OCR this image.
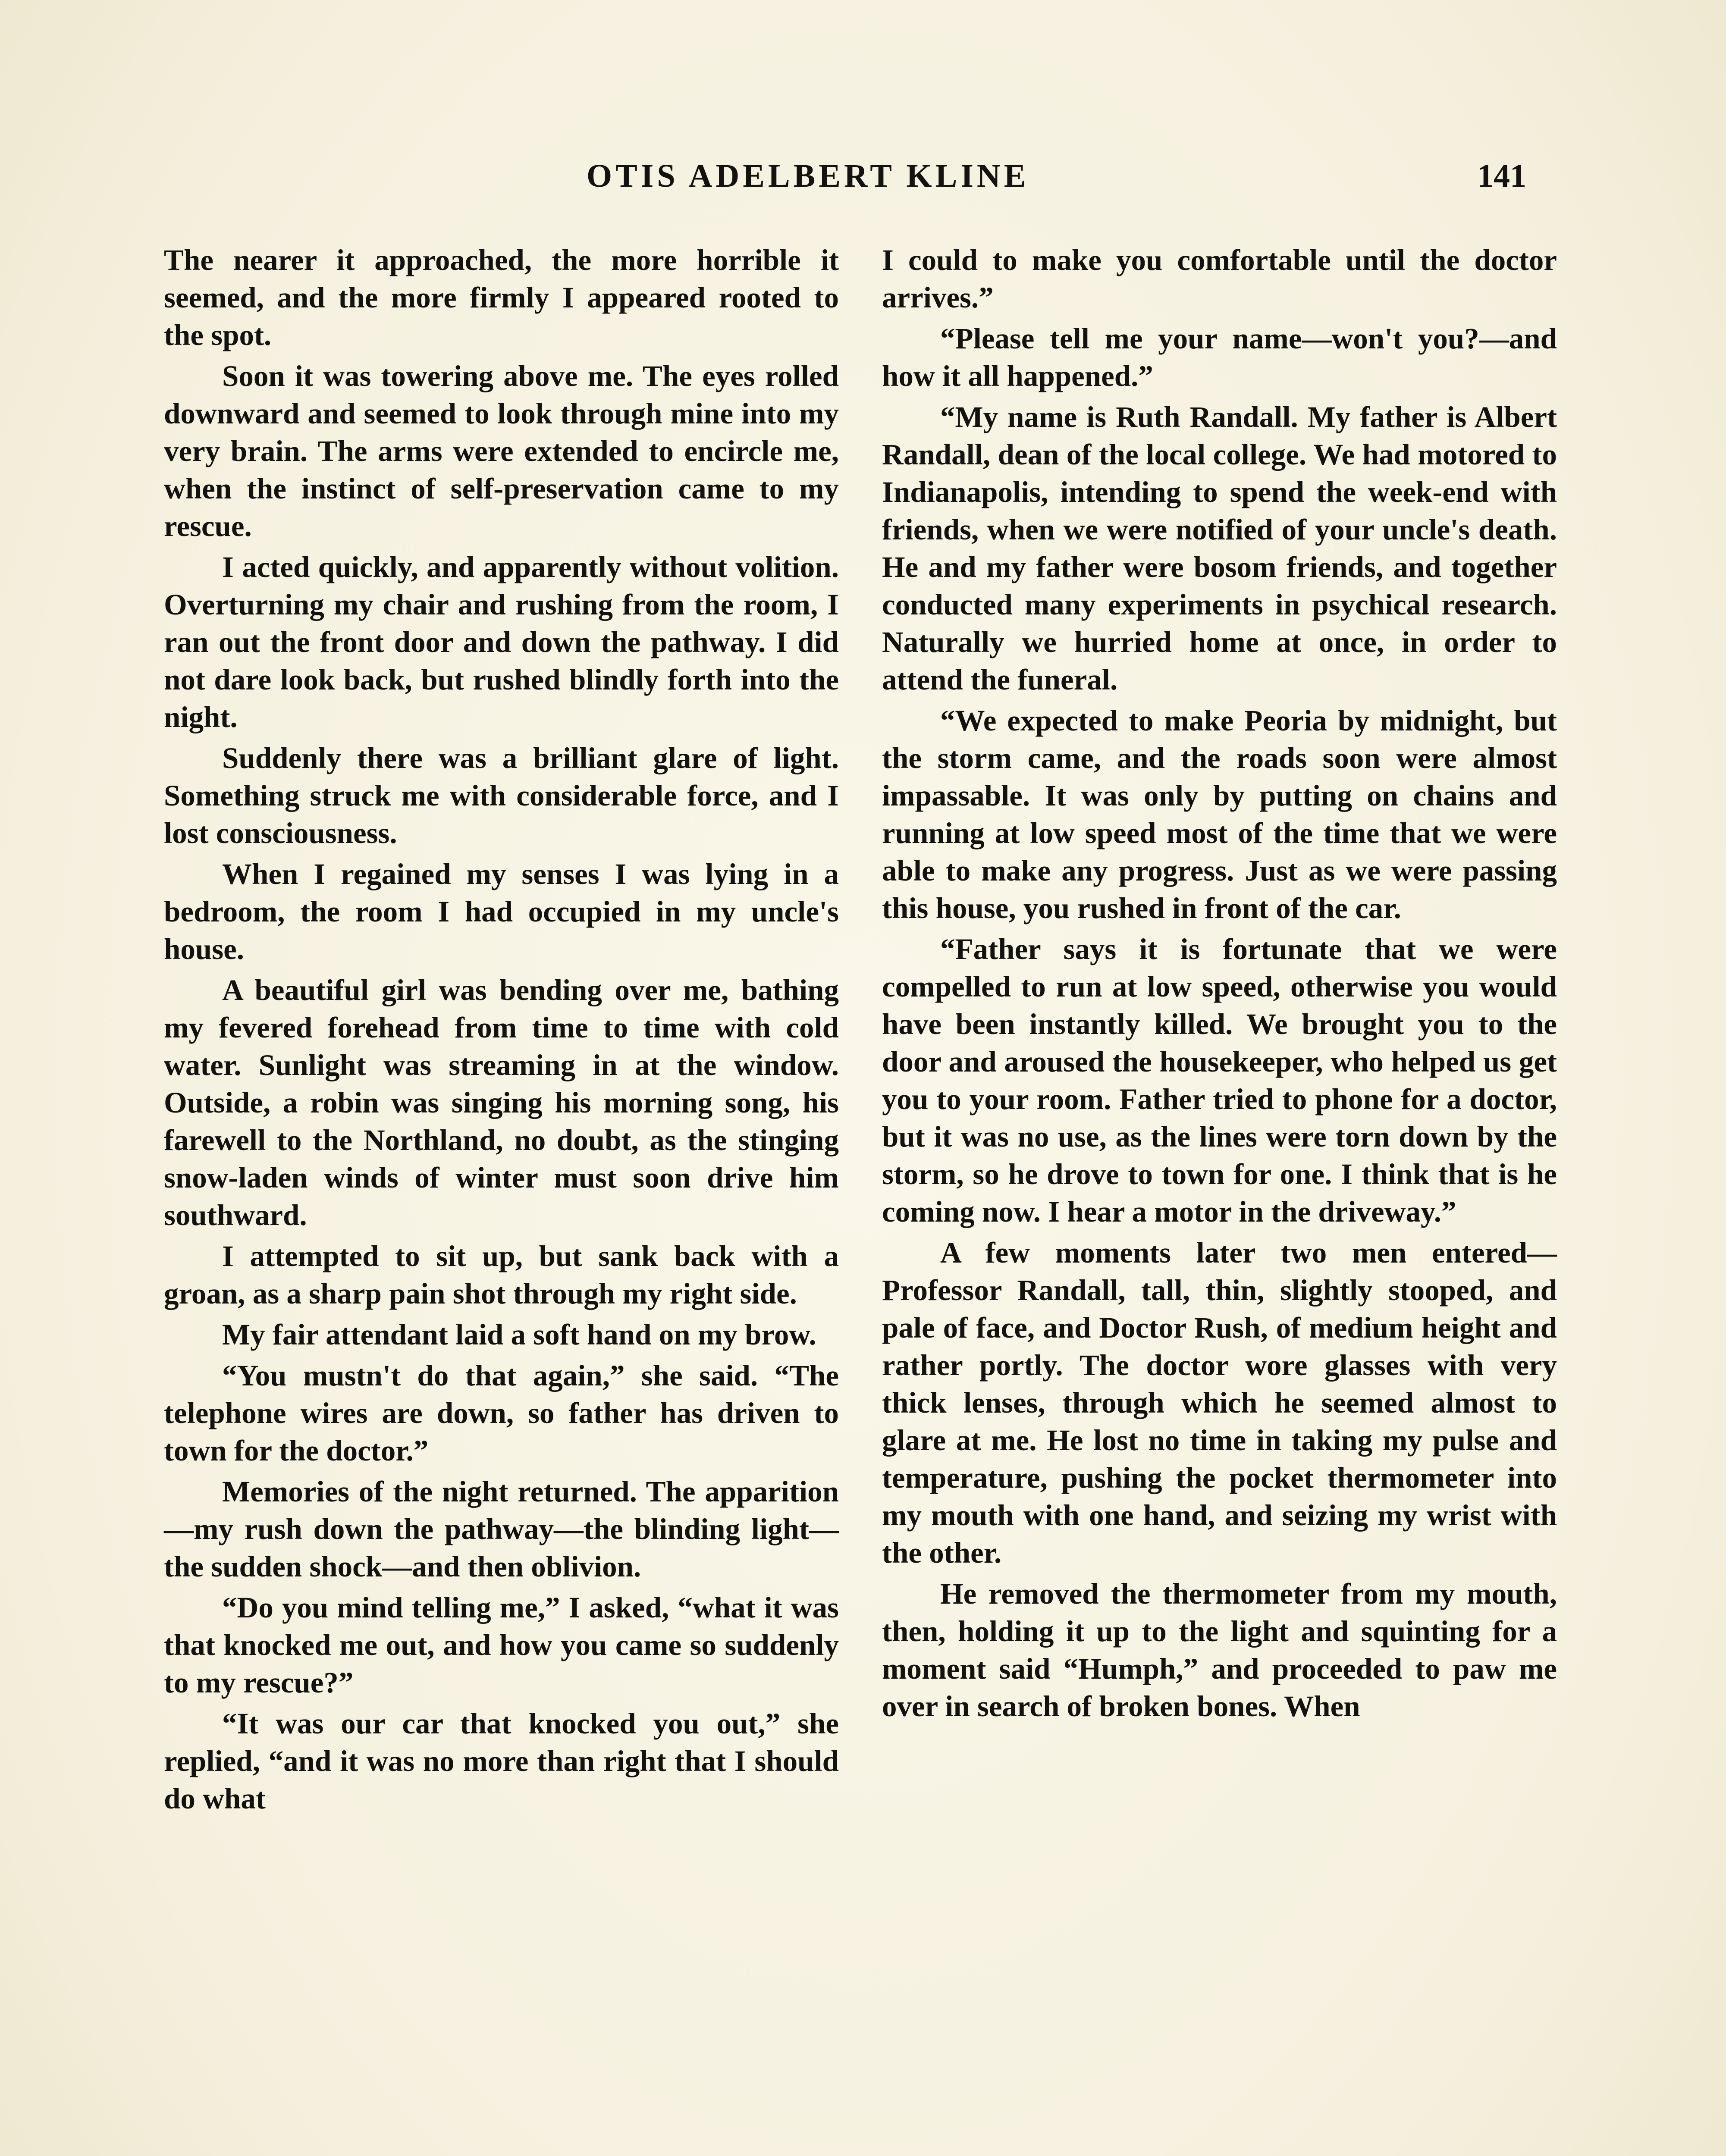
OTIS ADELBERT KLINE	141

The nearer it approached, the more horrible it seemed, and the more firmly I appeared rooted to the spot.

Soon it was towering above me. The eyes rolled downward and seemed to look through mine into my very brain. The arms were extended to encircle me, when the instinct of self-preservation came to my rescue.

I acted quickly, and apparently without volition. Overturning my chair and rushing from the room, I ran out the front door and down the pathway. I did not dare look back, but rushed blindly forth into the night.

Suddenly there was a brilliant glare of light. Something struck me with considerable force, and I lost consciousness.

When I regained my senses I was lying in a bedroom, the room I had occupied in my uncle's house.

A beautiful girl was bending over me, bathing my fevered forehead from time to time with cold water. Sunlight was streaming in at the window. Outside, a robin was singing his morning song, his farewell to the Northland, no doubt, as the stinging snow-laden winds of winter must soon drive him southward.

I attempted to sit up, but sank back with a groan, as a sharp pain shot through my right side.

My fair attendant laid a soft hand on my brow.

“You mustn't do that again,” she said. “The telephone wires are down, so father has driven to town for the doctor.”

Memories of the night returned. The apparition—my rush down the pathway—the blinding light—the sudden shock—and then oblivion.

“Do you mind telling me,” I asked, “what it was that knocked me out, and how you came so suddenly to my rescue?”

“It was our car that knocked you out,” she replied, “and it was no more than right that I should do what

I could to make you comfortable until the doctor arrives.”

“Please tell me your name—won't you?—and how it all happened.”

“My name is Ruth Randall. My father is Albert Randall, dean of the local college. We had motored to Indianapolis, intending to spend the week-end with friends, when we were notified of your uncle's death. He and my father were bosom friends, and together conducted many experiments in psychical research. Naturally we hurried home at once, in order to attend the funeral.

“We expected to make Peoria by midnight, but the storm came, and the roads soon were almost impassable. It was only by putting on chains and running at low speed most of the time that we were able to make any progress. Just as we were passing this house, you rushed in front of the car.

“Father says it is fortunate that we were compelled to run at low speed, otherwise you would have been instantly killed. We brought you to the door and aroused the housekeeper, who helped us get you to your room. Father tried to phone for a doctor, but it was no use, as the lines were torn down by the storm, so he drove to town for one. I think that is he coming now. I hear a motor in the driveway.”

A few moments later two men entered—Professor Randall, tall, thin, slightly stooped, and pale of face, and Doctor Rush, of medium height and rather portly. The doctor wore glasses with very thick lenses, through which he seemed almost to glare at me. He lost no time in taking my pulse and temperature, pushing the pocket thermometer into my mouth with one hand, and seizing my wrist with the other.

He removed the thermometer from my mouth, then, holding it up to the light and squinting for a moment said “Humph,” and proceeded to paw me over in search of broken bones. When
